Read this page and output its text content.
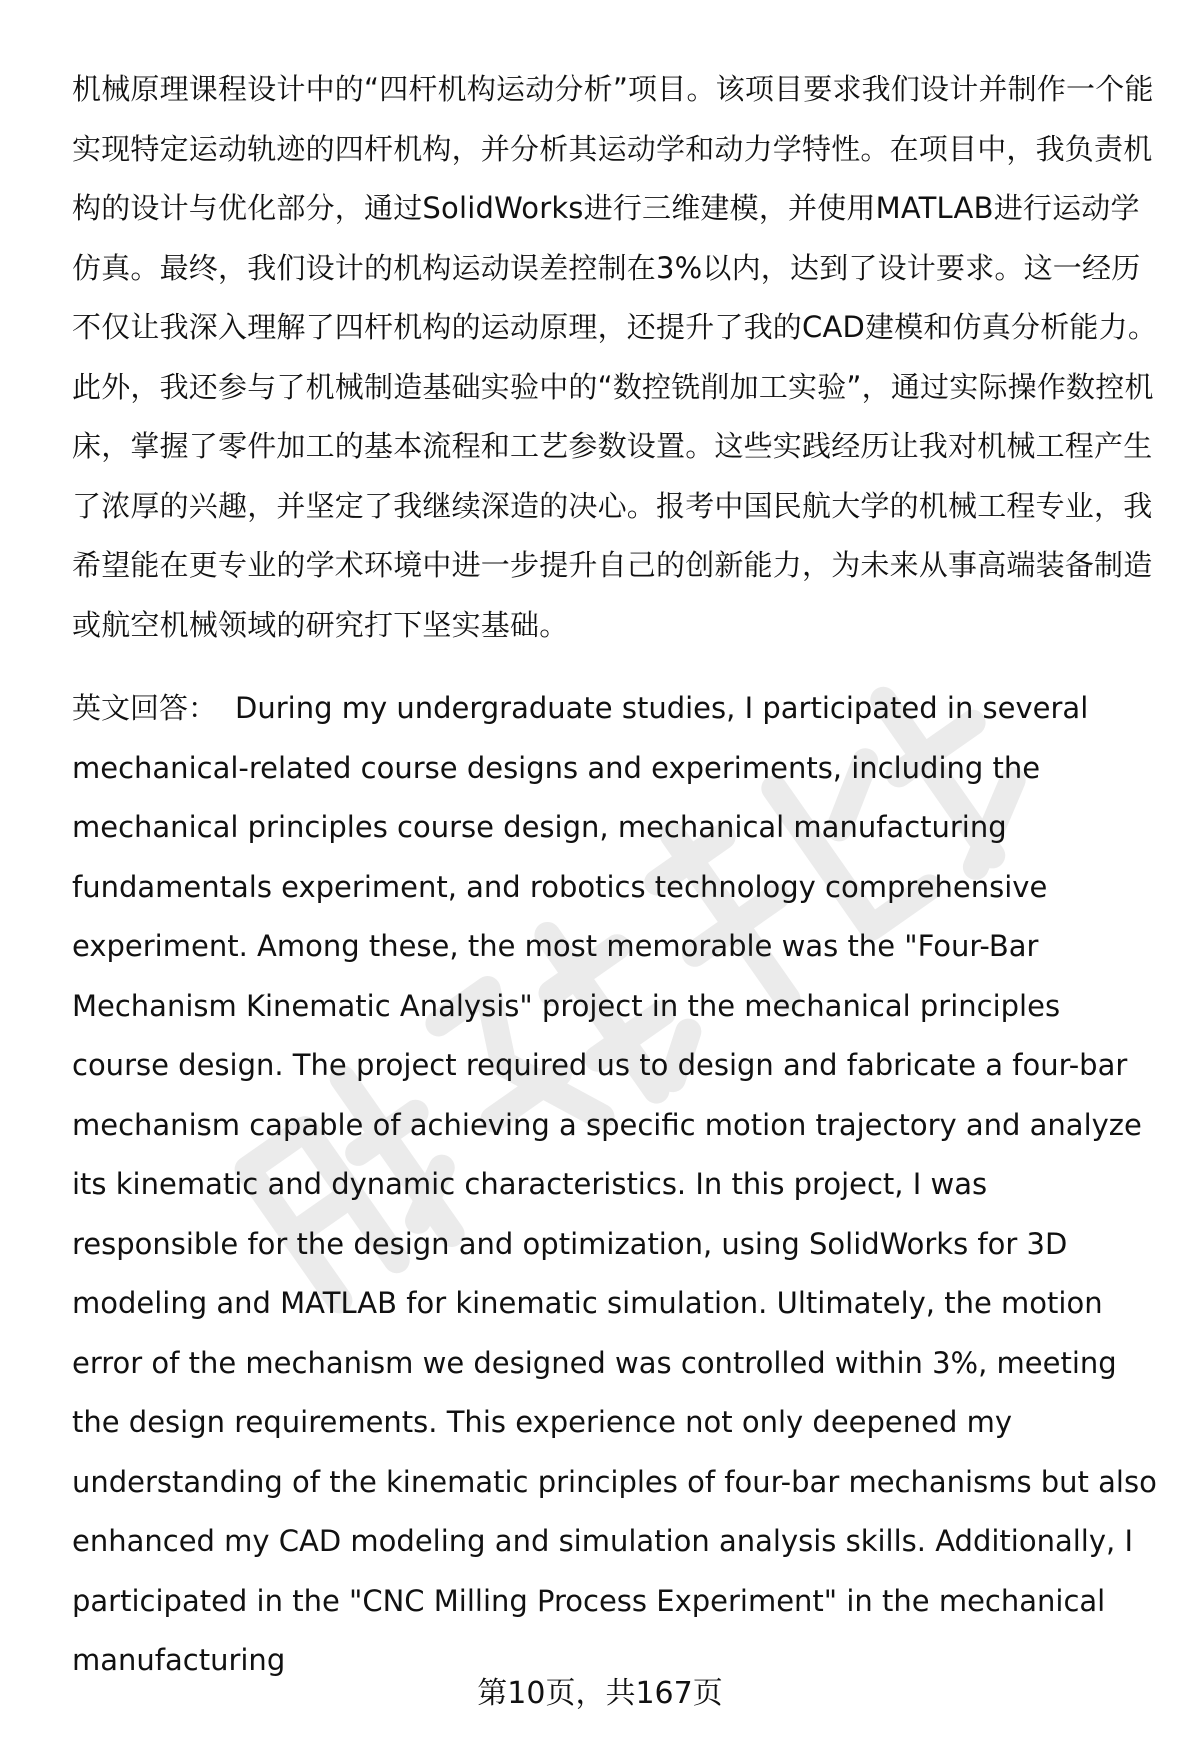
机械原理课程设计中的“四杆机构运动分析”项目。该项目要求我们设计并制作一个能实现特定运动轨迹的四杆机构，并分析其运动学和动力学特性。在项目中，我负责机构的设计与优化部分，通过SolidWorks进行三维建模，并使用MATLAB进行运动学仿真。最终，我们设计的机构运动误差控制在3%以内，达到了设计要求。这一经历不仅让我深入理解了四杆机构的运动原理，还提升了我的CAD建模和仿真分析能力。此外，我还参与了机械制造基础实验中的“数控铣削加工实验”，通过实际操作数控机床，掌握了零件加工的基本流程和工艺参数设置。这些实践经历让我对机械工程产生了浓厚的兴趣，并坚定了我继续深造的决心。报考中国民航大学的机械工程专业，我希望能在更专业的学术环境中进一步提升自己的创新能力，为未来从事高端装备制造或航空机械领域的研究打下坚实基础。

英文回答： During my undergraduate studies, I participated in several mechanical-related course designs and experiments, including the mechanical principles course design, mechanical manufacturing fundamentals experiment, and robotics technology comprehensive experiment. Among these, the most memorable was the "Four-Bar Mechanism Kinematic Analysis" project in the mechanical principles course design. The project required us to design and fabricate a four-bar mechanism capable of achieving a specific motion trajectory and analyze its kinematic and dynamic characteristics. In this project, I was responsible for the design and optimization, using SolidWorks for 3D modeling and MATLAB for kinematic simulation. Ultimately, the motion error of the mechanism we designed was controlled within 3%, meeting the design requirements. This experience not only deepened my understanding of the kinematic principles of four-bar mechanisms but also enhanced my CAD modeling and simulation analysis skills. Additionally, I participated in the "CNC Milling Process Experiment" in the mechanical manufacturing

第10页，共167页
